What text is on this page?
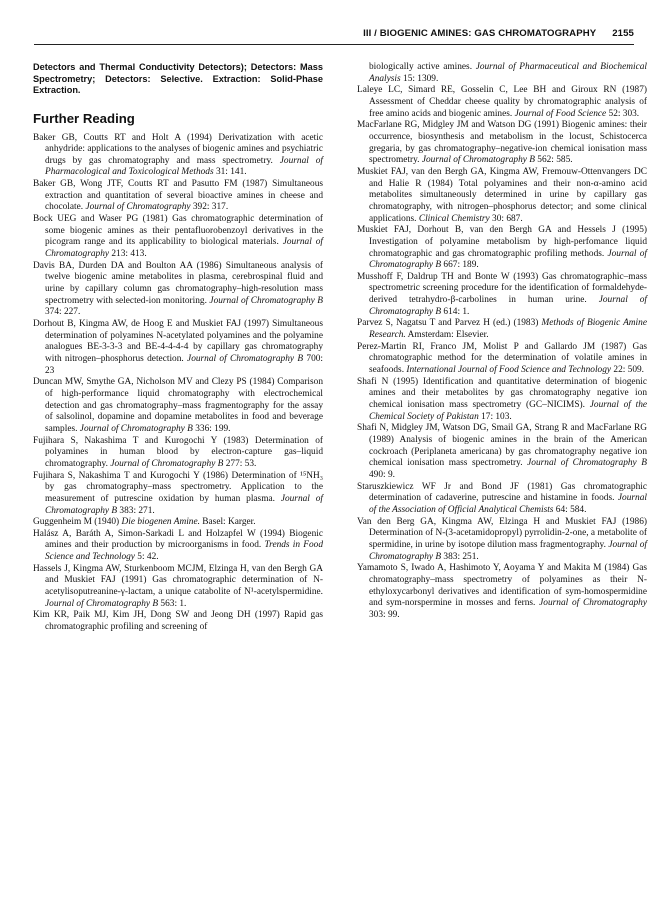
III / BIOGENIC AMINES: GAS CHROMATOGRAPHY 2155

Detectors and Thermal Conductivity Detectors); Detectors: Mass Spectrometry; Detectors: Selective. Extraction: Solid-Phase Extraction.

Further Reading

Baker GB, Coutts RT and Holt A (1994) Derivatization with acetic anhydride: applications to the analyses of biogenic amines and psychiatric drugs by gas chromatography and mass spectrometry. Journal of Pharmacological and Toxicological Methods 31: 141.

Baker GB, Wong JTF, Coutts RT and Pasutto FM (1987) Simultaneous extraction and quantitation of several bioactive amines in cheese and chocolate. Journal of Chromatography 392: 317.

Bock UEG and Waser PG (1981) Gas chromatographic determination of some biogenic amines as their pentafluorobenzoyl derivatives in the picogram range and its applicability to biological materials. Journal of Chromatography 213: 413.

Davis BA, Durden DA and Boulton AA (1986) Simultaneous analysis of twelve biogenic amine metabolites in plasma, cerebrospinal fluid and urine by capillary column gas chromatography–high-resolution mass spectrometry with selected-ion monitoring. Journal of Chromatography B 374: 227.

Dorhout B, Kingma AW, de Hoog E and Muskiet FAJ (1997) Simultaneous determination of polyamines N-acetylated polyamines and the polyamine analogues BE-3-3-3 and BE-4-4-4-4 by capillary gas chromatography with nitrogen–phosphorus detection. Journal of Chromatography B 700: 23

Duncan MW, Smythe GA, Nicholson MV and Clezy PS (1984) Comparison of high-performance liquid chromatography with electrochemical detection and gas chromatography–mass fragmentography for the assay of salsolinol, dopamine and dopamine metabolites in food and beverage samples. Journal of Chromatography B 336: 199.

Fujihara S, Nakashima T and Kurogochi Y (1983) Determination of polyamines in human blood by electron-capture gas–liquid chromatography. Journal of Chromatography B 277: 53.

Fujihara S, Nakashima T and Kurogochi Y (1986) Determination of ¹⁵NH₃ by gas chromatography–mass spectrometry. Application to the measurement of putrescine oxidation by human plasma. Journal of Chromatography B 383: 271.

Guggenheim M (1940) Die biogenen Amine. Basel: Karger.

Halász A, Baráth A, Simon-Sarkadi L and Holzapfel W (1994) Biogenic amines and their production by microorganisms in food. Trends in Food Science and Technology 5: 42.

Hassels J, Kingma AW, Sturkenboom MCJM, Elzinga H, van den Bergh GA and Muskiet FAJ (1991) Gas chromatographic determination of N-acetylisoputreanine-γ-lactam, a unique catabolite of N¹-acetylspermidine. Journal of Chromatography B 563: 1.

Kim KR, Paik MJ, Kim JH, Dong SW and Jeong DH (1997) Rapid gas chromatographic profiling and screening of

biologically active amines. Journal of Pharmaceutical and Biochemical Analysis 15: 1309.

Laleye LC, Simard RE, Gosselin C, Lee BH and Giroux RN (1987) Assessment of Cheddar cheese quality by chromatographic analysis of free amino acids and biogenic amines. Journal of Food Science 52: 303.

MacFarlane RG, Midgley JM and Watson DG (1991) Biogenic amines: their occurrence, biosynthesis and metabolism in the locust, Schistocerca gregaria, by gas chromatography–negative-ion chemical ionisation mass spectrometry. Journal of Chromatography B 562: 585.

Muskiet FAJ, van den Bergh GA, Kingma AW, Fremouw-Ottenvangers DC and Halie R (1984) Total polyamines and their non-α-amino acid metabolites simultaneously determined in urine by capillary gas chromatography, with nitrogen–phosphorus detector; and some clinical applications. Clinical Chemistry 30: 687.

Muskiet FAJ, Dorhout B, van den Bergh GA and Hessels J (1995) Investigation of polyamine metabolism by high-perfomance liquid chromatographic and gas chromatographic profiling methods. Journal of Chromatography B 667: 189.

Musshoff F, Daldrup TH and Bonte W (1993) Gas chromatographic–mass spectrometric screening procedure for the identification of formaldehyde-derived tetrahydro-β-carbolines in human urine. Journal of Chromatography B 614: 1.

Parvez S, Nagatsu T and Parvez H (ed.) (1983) Methods of Biogenic Amine Research. Amsterdam: Elsevier.

Perez-Martin RI, Franco JM, Molist P and Gallardo JM (1987) Gas chromatographic method for the determination of volatile amines in seafoods. International Journal of Food Science and Technology 22: 509.

Shafi N (1995) Identification and quantitative determination of biogenic amines and their metabolites by gas chromatography negative ion chemical ionisation mass spectrometry (GC–NICIMS). Journal of the Chemical Society of Pakistan 17: 103.

Shafi N, Midgley JM, Watson DG, Smail GA, Strang R and MacFarlane RG (1989) Analysis of biogenic amines in the brain of the American cockroach (Periplaneta americana) by gas chromatography negative ion chemical ionisation mass spectrometry. Journal of Chromatography B 490: 9.

Staruszkiewicz WF Jr and Bond JF (1981) Gas chromatographic determination of cadaverine, putrescine and histamine in foods. Journal of the Association of Official Analytical Chemists 64: 584.

Van den Berg GA, Kingma AW, Elzinga H and Muskiet FAJ (1986) Determination of N-(3-acetamidopropyl) pyrrolidin-2-one, a metabolite of spermidine, in urine by isotope dilution mass fragmentography. Journal of Chromatography B 383: 251.

Yamamoto S, Iwado A, Hashimoto Y, Aoyama Y and Makita M (1984) Gas chromatography–mass spectrometry of polyamines as their N-ethyloxycarbonyl derivatives and identification of sym-homospermidine and sym-norspermine in mosses and ferns. Journal of Chromatography 303: 99.
